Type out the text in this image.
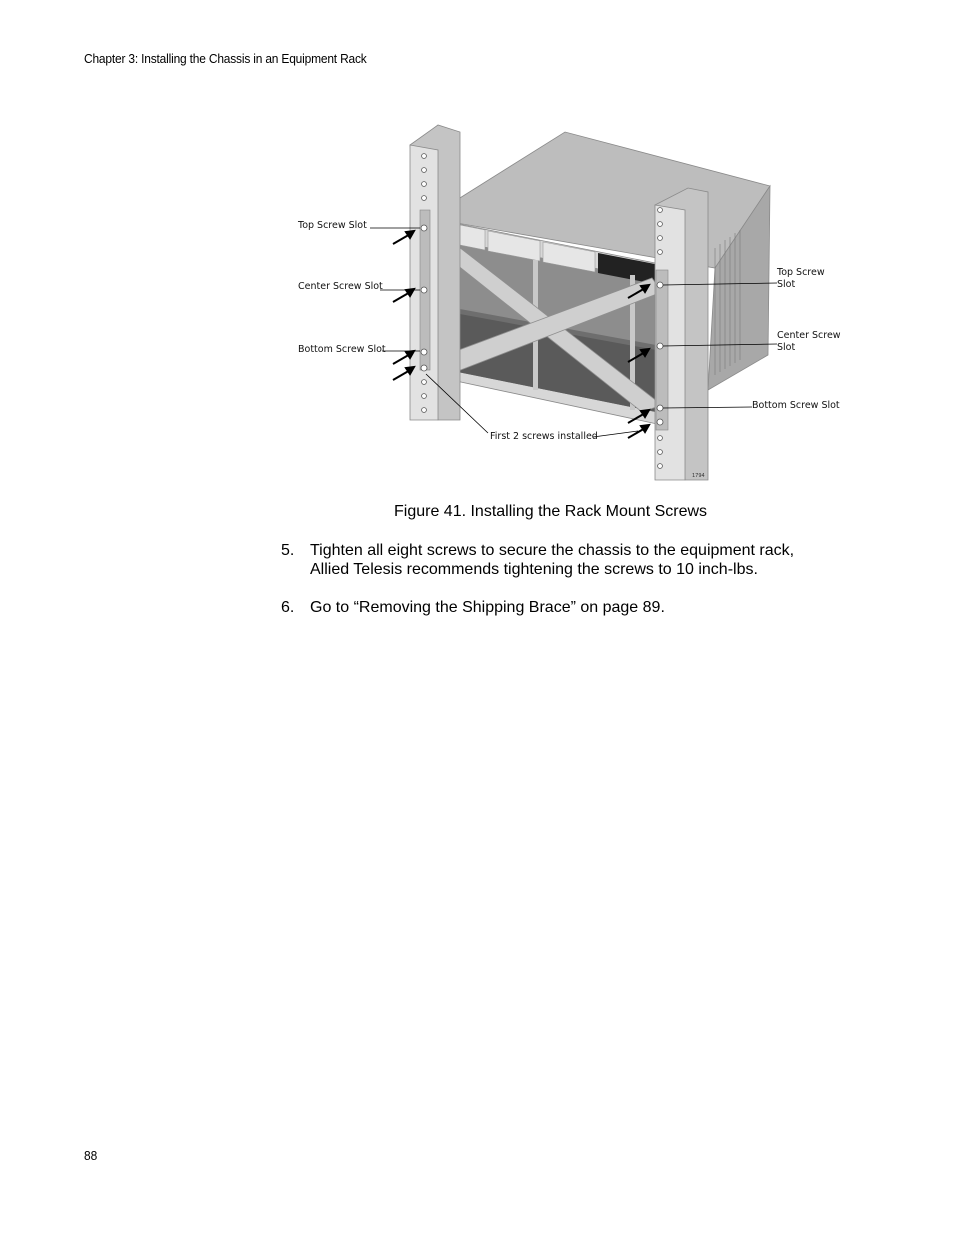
Chapter 3: Installing the Chassis in an Equipment Rack
1794
Top Screw Slot
Center Screw Slot
Bottom Screw Slot
Top Screw
Slot
Center Screw
Slot
Bottom Screw Slot
First 2 screws installed
Figure 41. Installing the Rack Mount Screws
5. Tighten all eight screws to secure the chassis to the equipment rack,
Allied Telesis recommends tightening the screws to 10 inch-lbs.
6. Go to “Removing the Shipping Brace” on page 89.
88
